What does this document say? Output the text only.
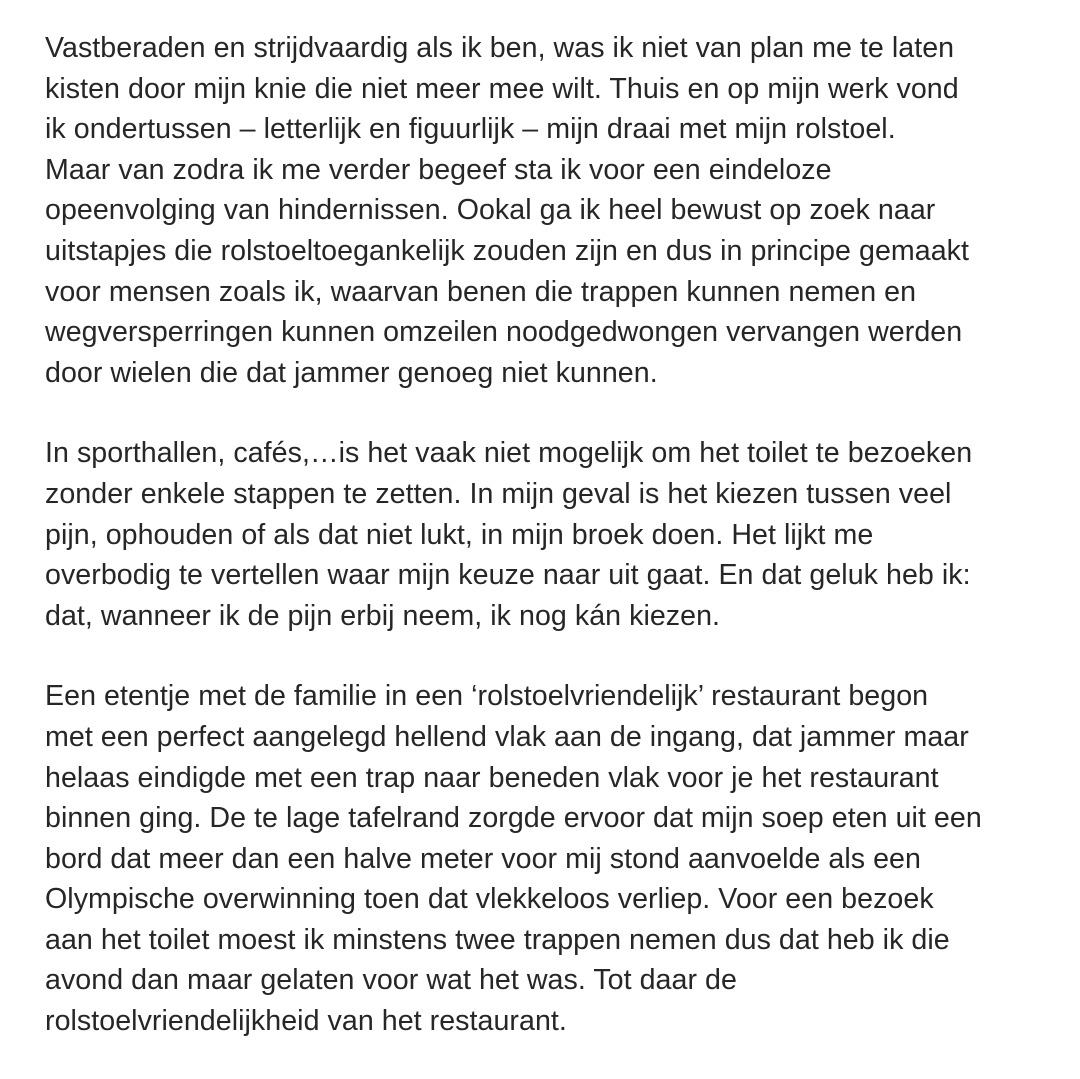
Vastberaden en strijdvaardig als ik ben, was ik niet van plan me te laten
kisten door mijn knie die niet meer mee wilt. Thuis en op mijn werk vond
ik ondertussen – letterlijk en figuurlijk – mijn draai met mijn rolstoel.
Maar van zodra ik me verder begeef sta ik voor een eindeloze
opeenvolging van hindernissen. Ookal ga ik heel bewust op zoek naar
uitstapjes die rolstoeltoegankelijk zouden zijn en dus in principe gemaakt
voor mensen zoals ik, waarvan benen die trappen kunnen nemen en
wegversperringen kunnen omzeilen noodgedwongen vervangen werden
door wielen die dat jammer genoeg niet kunnen.

In sporthallen, cafés,…is het vaak niet mogelijk om het toilet te bezoeken
zonder enkele stappen te zetten. In mijn geval is het kiezen tussen veel
pijn, ophouden of als dat niet lukt, in mijn broek doen. Het lijkt me
overbodig te vertellen waar mijn keuze naar uit gaat. En dat geluk heb ik:
dat, wanneer ik de pijn erbij neem, ik nog kán kiezen.

Een etentje met de familie in een ‘rolstoelvriendelijk’ restaurant begon
met een perfect aangelegd hellend vlak aan de ingang, dat jammer maar
helaas eindigde met een trap naar beneden vlak voor je het restaurant
binnen ging. De te lage tafelrand zorgde ervoor dat mijn soep eten uit een
bord dat meer dan een halve meter voor mij stond aanvoelde als een
Olympische overwinning toen dat vlekkeloos verliep. Voor een bezoek
aan het toilet moest ik minstens twee trappen nemen dus dat heb ik die
avond dan maar gelaten voor wat het was. Tot daar de
rolstoelvriendelijkheid van het restaurant.
